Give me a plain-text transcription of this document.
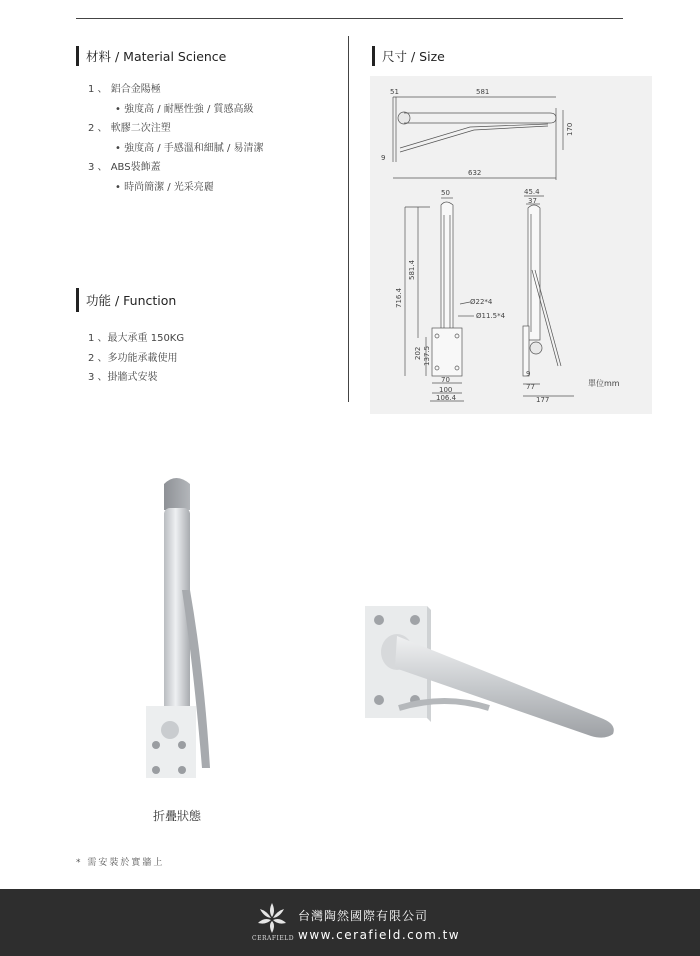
材料 / Material Science
1 、 鋁合金陽極
• 強度高 / 耐壓性強 / 質感高級
2 、 軟膠二次注塑
• 強度高 / 手感溫和細膩 / 易清潔
3 、 ABS裝飾蓋
• 時尚簡潔 / 光采亮麗
功能 / Function
1 、最大承重 150KG
2 、多功能承載使用
3 、掛牆式安裝
尺寸 / Size
51	581
170
9
632
50	45.4
37
716.4
581.4
Ø22*4
Ø11.5*4
202 137.5
70
100
106.4
9
77
177
單位mm
折疊狀態
* 需安裝於實牆上
CERAFIELD
台灣陶然國際有限公司
www.cerafield.com.tw
